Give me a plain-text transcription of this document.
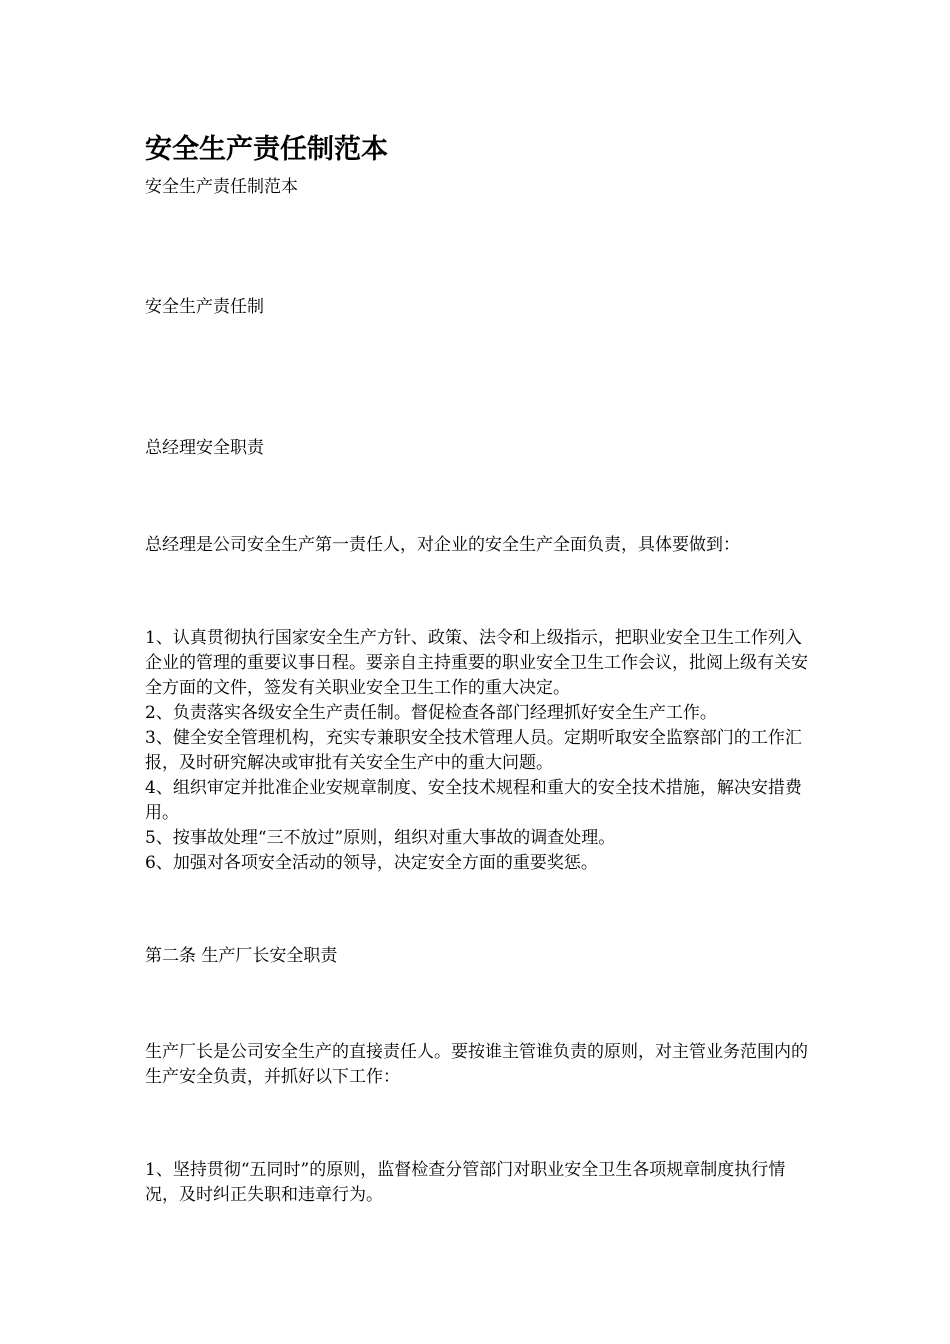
安全生产责任制范本

安全生产责任制范本

安全生产责任制

总经理安全职责

总经理是公司安全生产第一责任人，对企业的安全生产全面负责，具体要做到：

1、认真贯彻执行国家安全生产方针、政策、法令和上级指示，把职业安全卫生工作列入企业的管理的重要议事日程。要亲自主持重要的职业安全卫生工作会议，批阅上级有关安全方面的文件，签发有关职业安全卫生工作的重大决定。

2、负责落实各级安全生产责任制。督促检查各部门经理抓好安全生产工作。

3、健全安全管理机构，充实专兼职安全技术管理人员。定期听取安全监察部门的工作汇报，及时研究解决或审批有关安全生产中的重大问题。

4、组织审定并批准企业安规章制度、安全技术规程和重大的安全技术措施，解决安措费用。

5、按事故处理“三不放过”原则，组织对重大事故的调查处理。

6、加强对各项安全活动的领导，决定安全方面的重要奖惩。

第二条 生产厂长安全职责

生产厂长是公司安全生产的直接责任人。要按谁主管谁负责的原则，对主管业务范围内的生产安全负责，并抓好以下工作：

1、坚持贯彻“五同时”的原则，监督检查分管部门对职业安全卫生各项规章制度执行情况，及时纠正失职和违章行为。
